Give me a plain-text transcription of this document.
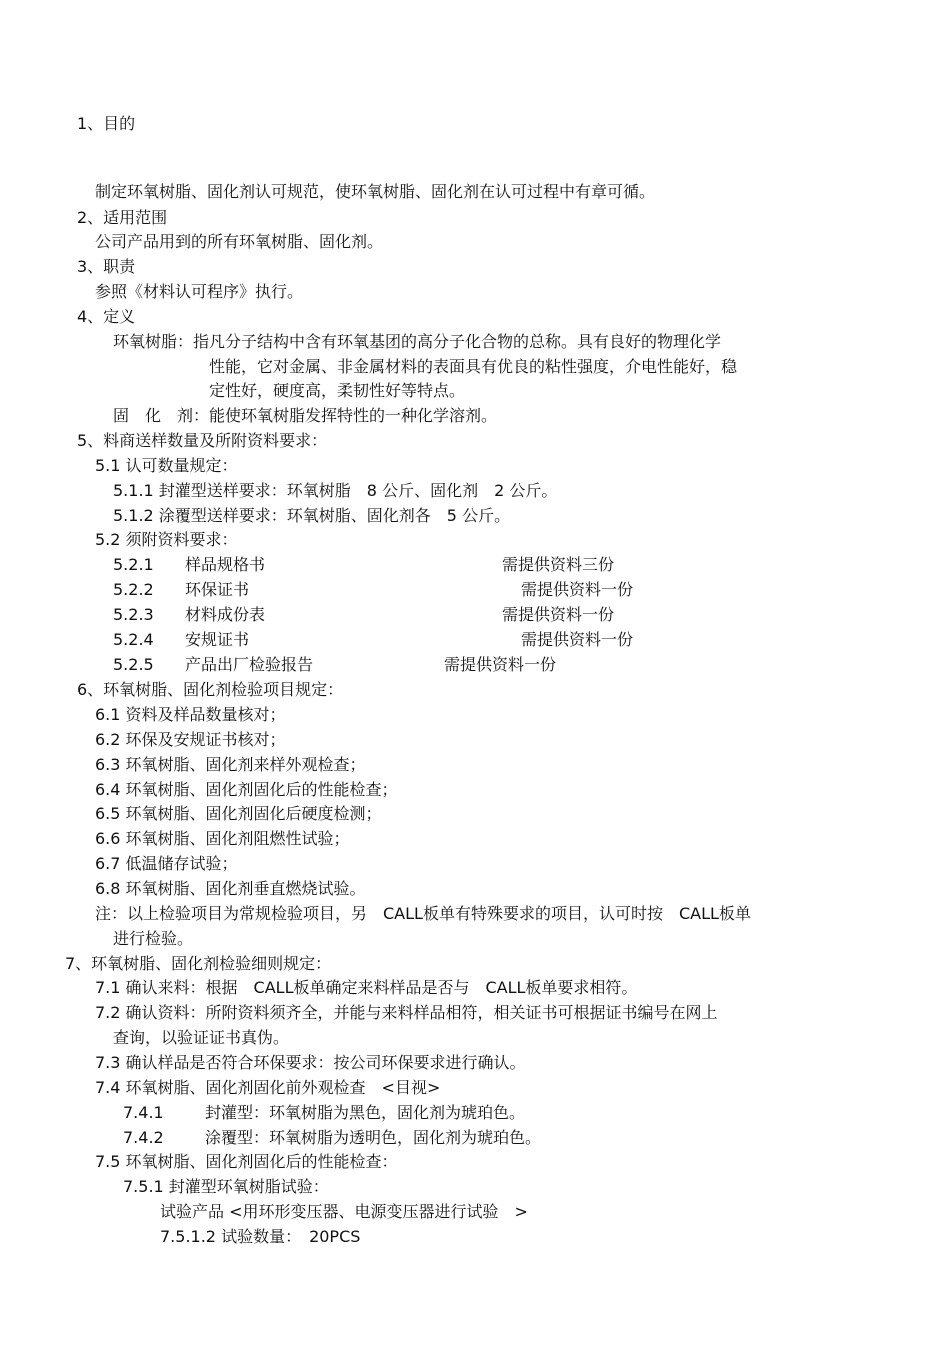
1、目的
制定环氧树脂、固化剂认可规范，使环氧树脂、固化剂在认可过程中有章可循。
2、适用范围
公司产品用到的所有环氧树脂、固化剂。
3、职责
参照《材料认可程序》执行。
4、定义
环氧树脂：指凡分子结构中含有环氧基团的高分子化合物的总称。具有良好的物理化学
性能，它对金属、非金属材料的表面具有优良的粘性强度，介电性能好，稳
定性好，硬度高，柔韧性好等特点。
固　化　剂：能使环氧树脂发挥特性的一种化学溶剂。
5、料商送样数量及所附资料要求：
5.1 认可数量规定：
5.1.1 封灌型送样要求：环氧树脂　8 公斤、固化剂　2 公斤。
5.1.2 涂覆型送样要求：环氧树脂、固化剂各　5 公斤。
5.2 须附资料要求：
5.2.1 样品规格书	需提供资料三份
5.2.2 环保证书	需提供资料一份
5.2.3 材料成份表	需提供资料一份
5.2.4 安规证书	需提供资料一份
5.2.5 产品出厂检验报告	需提供资料一份
6、环氧树脂、固化剂检验项目规定：
6.1 资料及样品数量核对；
6.2 环保及安规证书核对；
6.3 环氧树脂、固化剂来样外观检查；
6.4 环氧树脂、固化剂固化后的性能检查；
6.5 环氧树脂、固化剂固化后硬度检测；
6.6 环氧树脂、固化剂阻燃性试验；
6.7 低温储存试验；
6.8 环氧树脂、固化剂垂直燃烧试验。
注：以上检验项目为常规检验项目，另　CALL板单有特殊要求的项目，认可时按　CALL板单
进行检验。
7、环氧树脂、固化剂检验细则规定：
7.1 确认来料：根据　CALL板单确定来料样品是否与　CALL板单要求相符。
7.2 确认资料：所附资料须齐全，并能与来料样品相符，相关证书可根据证书编号在网上
查询，以验证证书真伪。
7.3 确认样品是否符合环保要求：按公司环保要求进行确认。
7.4 环氧树脂、固化剂固化前外观检查　<目视>
7.4.1	封灌型：环氧树脂为黑色，固化剂为琥珀色。
7.4.2	涂覆型：环氧树脂为透明色，固化剂为琥珀色。
7.5 环氧树脂、固化剂固化后的性能检查：
7.5.1 封灌型环氧树脂试验：
试验产品 <用环形变压器、电源变压器进行试验　>
7.5.1.2 试验数量：　20PCS
